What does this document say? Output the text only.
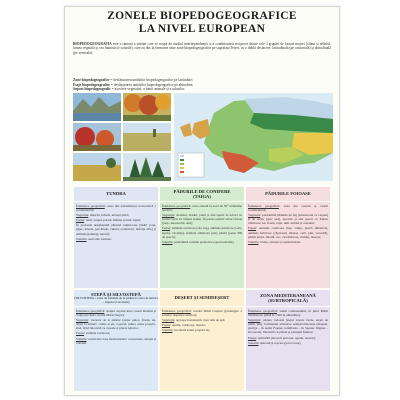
ZONELE BIOPEDOGEOGRAFICE
LA NIVEL EUROPEAN
BIOPEDOGEOGRAFIA este o ramură a științei care se ocupă de studiul interdependenței și a condiționării reciproce dintre cele 3 grupări de factori majori (clima și relieful, lumea vegetală și cea faunistică; solurile), care au dus la formarea unor zone biopedogeografice pe suprafața Terrei, cu o dublă desfacere: latitudinală (pe orizontală) și altitudinală (pe verticală).
Zone biopedogeografice = desfășurarea unităților biopedogeografice pe latitudine;
Etaje biopedogeografice = desfășurarea unităților biopedogeografice pe altitudine;
Suport biopedogeografic = asociere vegetației, a lumii animale și a solurilor.
TUNDRA
PĂDURILE DE CONIFERE
(TAIGA)
PĂDURILE FOIOASE

Întinderea geografică: zona din extremitatea nord-estică a continentului;

Vegetația: mușchi, licheni, arbuști pitici;

Fauna: renii, vulpea polară, bufnița polară, lupul;

În perioada dezghețului pătrund numeroase păsări (rațe, gâște, lebede, pescărușii, vulturi, potârnichi, bufnițe albe) și animale (lemingi, iepuri);

Solurile: sunt slab formate.

Întinderea geografică: zona situată la nord de 50° latitudine nordică;

Vegetația: molidul, bradul, pinul și alte specii de arbori cu frunze verzi tot timpul anului. În partea sudică: arbori foioși (plop, mesteacăn, arin);

Fauna: animale carnivore (râs, lup), animale ierbivore (cerb, iepure, veverița), animale omnivore (urs), păsări (peste 300 de specii);

Solurile: predomină solurile podzolice (spodosolurile).

Întinderea geografică: zona din centrul și vestul continentului;

Vegetația: predomină pădurile de fag (amestecate cu carpen) și de stejar (spre sud), precum și alte specii cu frunze căzătoare: tei, frasin, arțar, ulm, artinul și castanul;

Fauna: animale carnivore (lup, vulpe, pisică sălbatică), animale ierbivore (căprioară, mistreț, cerb, jder, veveriță), păsări (sturz, mierlă, cuc, ciocănitoare, ciuhin), insecte;

Solurile: brune, cenușii și argiloiluviale.

STEPĂ ȘI SILVOSTEPĂ
(SILVOSTEPA = zona de tranziție de la pădure la zona de ierburi – stepele și savanele)
DEȘERT ȘI SEMIDEȘERT
ZONA MEDITERANEANĂ
(SUBTROPICALĂ)

Întinderea geografică: spațiul cuprins între cursul Dunării și Volga (inclusiv nordul Mării Negre);

Vegetația: trecerea de la pădure (stejar pufos, frasin, tei, arțar) la ierburi: colilie și pir, rogozul, țelina, stepa propriu-zisă, fiind înlocuită cu cereale și plante tehnice;

Fauna: animale rozătoare;

Solurile: soluri din clasa molisolurilor: cernoziom, cenușii și castanii.

Întinderea geografică: nordul Mării Caspice (prelungire a zonelor deșertice asiatice);

Vegetația: aproape inexistentă, doar tufe de apă;

Fauna: reptile, rozătoare, insecte;

Solurile: nu există soluri propriu zis.

Întinderea geografică: sudul continentului, în jurul Mării Mediterane (până la ~500 m altitudine);

Vegetația: pădure rodoasă (stejar veșnic verde, stejar de plută, pin), formațiuni arbustive semperviriscente (maquis, garriga – în sudul Franței, tomillares – în Spania, frigana – în Grecia), înlocuită cu plante și plantații frutiere;

Fauna: termofilă (broască țestoasă, reptile, insecte);

Solurile: maronii și roșcate (terra rossa).
